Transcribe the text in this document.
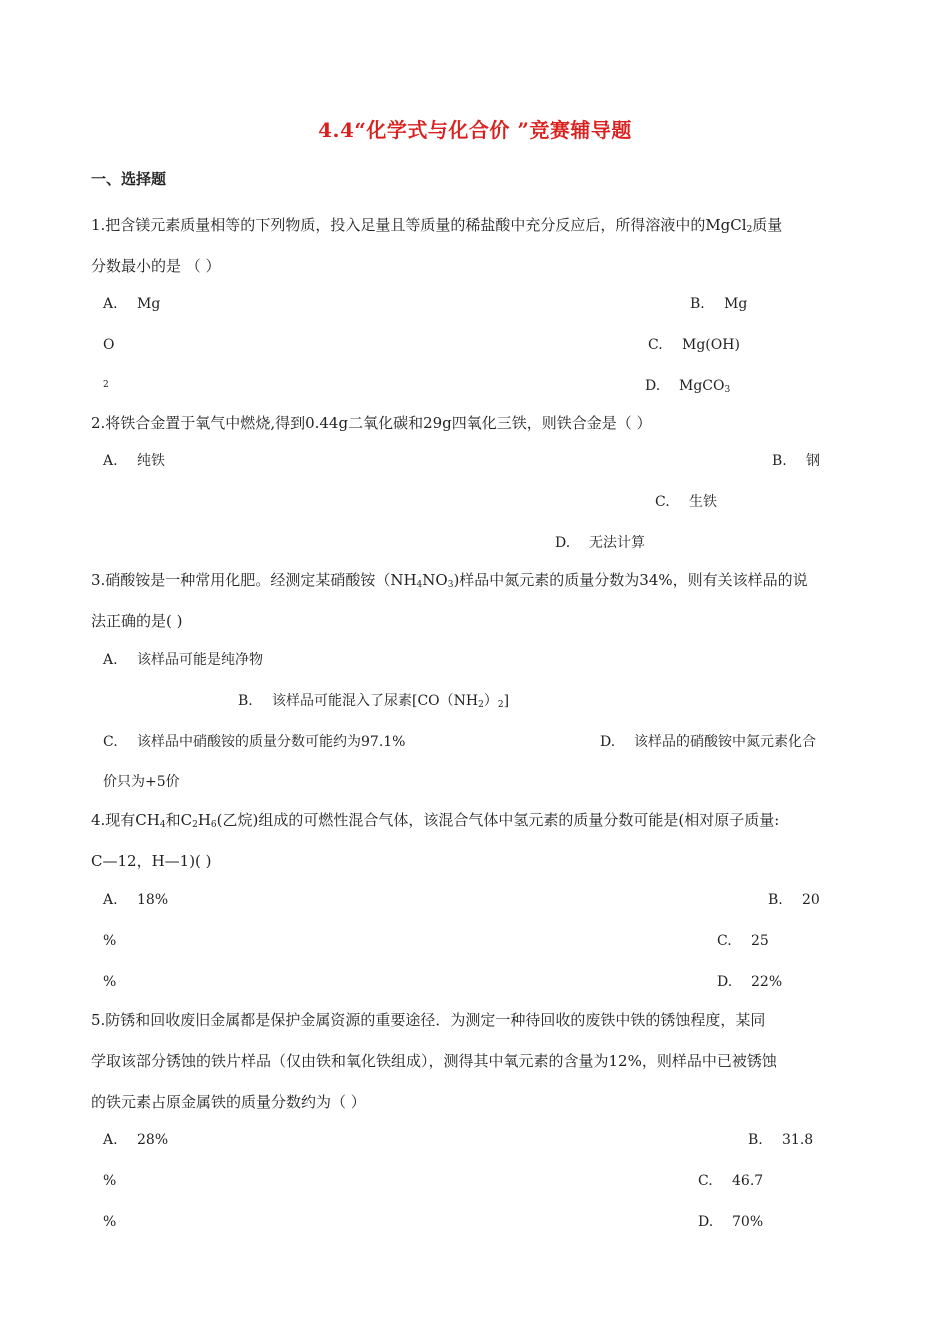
4.4“化学式与化合价 ”竞赛辅导题
一、选择题
1.把含镁元素质量相等的下列物质，投入足量且等质量的稀盐酸中充分反应后，所得溶液中的MgCl$_2$质量
分数最小的是 （ ）
A. Mg	B. Mg
O	C. Mg(OH)
2	D. MgCO$_3$
2.将铁合金置于氧气中燃烧,得到0.44g二氧化碳和29g四氧化三铁，则铁合金是（ ）
A. 纯铁	B. 钢
C. 生铁
D. 无法计算
3.硝酸铵是一种常用化肥。经测定某硝酸铵$(NH_4NO_3)$样品中氮元素的质量分数为34%，则有关该样品的说
法正确的是( )
A. 该样品可能是纯净物
B. 该样品可能混入了尿素$[CO(NH_2)_2]$
C. 该样品中硝酸铵的质量分数可能约为97.1%	D. 该样品的硝酸铵中氮元素化合
价只为+5价
4.现有$CH_4$和$C_2H_6$(乙烷)组成的可燃性混合气体，该混合气体中氢元素的质量分数可能是(相对原子质量:
C—12，H—1)( )
A. 18%	B. 20
%	C. 25
%	D. 22%
5.防锈和回收废旧金属都是保护金属资源的重要途径．为测定一种待回收的废铁中铁的锈蚀程度，某同
学取该部分锈蚀的铁片样品（仅由铁和氧化铁组成），测得其中氧元素的含量为12%，则样品中已被锈蚀
的铁元素占原金属铁的质量分数约为（ ）
A. 28%	B. 31.8
%	C. 46.7
%	D. 70%
